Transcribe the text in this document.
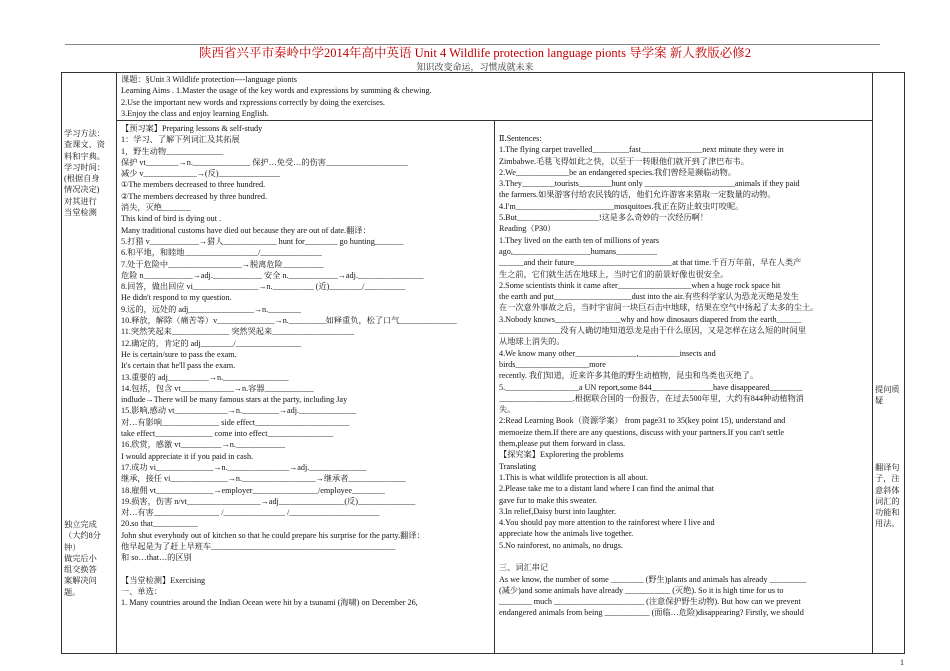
陕西省兴平市秦岭中学2014年高中英语 Unit 4 Wildlife protection language pionts 导学案 新人教版必修2
知识改变命运，习惯成就未来
学习方法：
查课文、资
料和字典。
学习时间：
(根据自身
情况决定)
对其进行
当堂检测
独立完成
（大约8分
钟）
做完后小
组交换答
案解决问
题。
提问质疑
翻译句子，注意斜体词汇的功能和用法。
课题：§Unit 3 Wildlife protection----language pionts
Learning Aims . 1.Master the usage of the key words and expressions by summing & chewing.
2.Use the important new words and rxpressions correctly by doing the exercises.
3.Enjoy the class and enjoy learning English.
【预习案】Preparing lessons & self-study
1：学习、了解下列词汇及其拓展
1，野生动物______________
保护 vt________→n.______________ 保护…免受…的伤害____________________
减少 v_____________→(反)_______________
①The members decreased to three hundred.
②The members decreased by three hundred.
消失，灭绝_______
This kind of bird is dying out .
Many traditional customs have died out because they are out of date.翻译：
5.打猎 v____________→猎人_____________ hunt for________ go hunting_______
6.和平地，和睦地__________________/_______________
7.处于危险中__________________→脱离危险__________
危险 n____________→adj.____________ 安全 n.____________→adj.________________
8.回答，做出回应 vi________________→n.__________ (近)________/__________
He didn't respond to my question.
9.远的，远处的 adj________________→n.________
10.释放，解除（痛苦等）v______________→n._________如释重负，松了口气______________
11.突然笑起来______________ 突然哭起来____________________
12.确定的，肯定的 adj________/________________
He is certain/sure to pass the exam.
It's certain that he'll pass the exam.
13.重要的 adj__________→n.________________
14.包括，包含 vt_____________→n.容器____________
indlude→There will be many famous stars at the party, including Jay
15.影响,感动 vt_____________→n._________→adj.______________
对…有影响______________ side effect_______________________
take effect______________ come into effect________________
16.欣赏，感激 vt__________→n.____________
I would appreciate it if you paid in cash.
17.成功 vi______________→n._______________→adj.______________
继承，接任 vi______________→n.__________________→继承者______________
18.雇佣 vt______________→employer________________/employee________
19.损害，伤害 n/vt__________________→adj________________(反)______________
对…有害________________ /_______________ /______________________
20.so that___________
John shut everybody out of kitchen so that he could prepare his surprise for the party.翻译：
他早起是为了赶上早班车_____________________________________________
和 so…that…的区别

【当堂检测】Exercising
一、单选：
1. Many countries around the Indian Ocean were hit by a tsunami (海啸) on December 26,
Ⅱ.Sentences:
1.The flying carpet travelled_________fast_______________next minute they were in
Zimbabwe.毛毯飞得如此之快，以至于一转眼他们就开到了津巴布韦。
2.We_____________be an endangered species.我们曾经是濒临动物。
3.They________tourists________hunt only ______________________animals if they paid
the farmers.如果游客付给农民钱的话，他们允许游客来猎取一定数量的动物。
4.I'm________________________mosquitoes.我正在防止蚊虫叮咬呢。
5.But____________________!这是多么奇妙的一次经历啊！
Reading（P30）
1.They lived on the earth ten of millions of years
ago,___________________humans__________
______and their future________________________at that time.千百万年前，早在人类产
生之前，它们就生活在地球上，当时它们的前景好像也很安全。
2.Some scientists think it came after__________________when a huge rock space hit
the earth and put___________________dust into the air.有些科学家认为恐龙灭绝是发生
在一次意外事故之后，当时宇宙间一块巨石击中地球，结果在空气中扬起了太多的尘土。
3.Nobody knows________________why and how dinosaurs diapered from the earth______
_______________没有人确切地知道恐龙是由于什么原因，又是怎样在这么短的时间里
从地球上消失的。
4.We know many other_______________,__________insects and
birds__________________more
recently. 我们知道，近来许多其他的野生动植物，昆虫和鸟类也灭绝了。
5.__________________a UN report,some 844_______________have disappeared________
__________________.根据联合国的一份报告，在过去500年里，大约有844种动植物消
失。
2:Read Learning Book（资源学案） from page31 to 35(key point 15), understand and
memoeize them.If there are any questions, discuss with your partners.If you can't settle
them,please put them forward in class.
【探究案】Explorering the problems
Translating
1.This is what wildlife protection is all about.
2.Please take me to a distant land where I can find the animal that
gave fur to make this sweater.
3.In relief,Daisy burst into laughter.
4.You should pay more attention to the rainforest where I live and
appreciate how the animals live together.
5.No rainforest, no animals, no drugs.

三、词汇串记
As we know, the number of some ________ (野生)plants and animals has already _________
(减少)and some animals have already ___________ (灭绝). So it is high time for us to
________ much ______________________ (注意保护野生动物). But how can we prevent
endangered animals from being ___________ (面临…危险)disappearing? Firstly, we should
1
